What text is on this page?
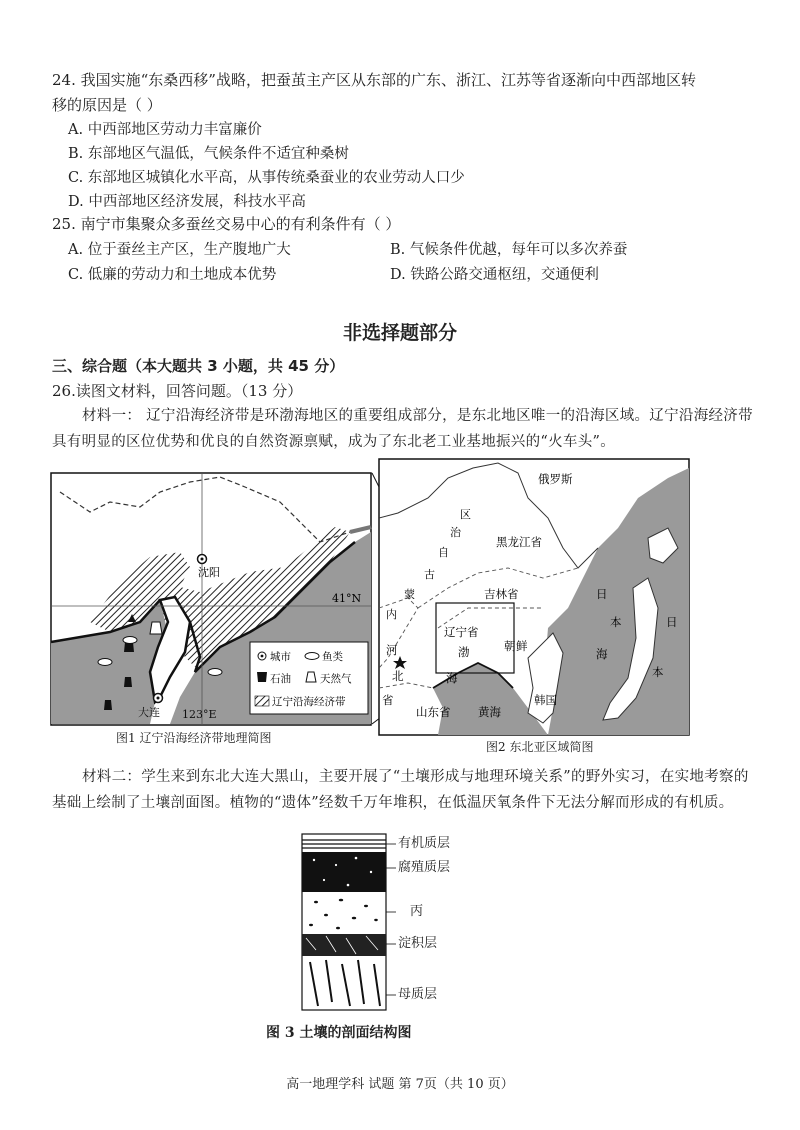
24. 我国实施“东桑西移”战略，把蚕茧主产区从东部的广东、浙江、江苏等省逐渐向中西部地区转
移的原因是（ ）
A. 中西部地区劳动力丰富廉价
B. 东部地区气温低，气候条件不适宜种桑树
C. 东部地区城镇化水平高，从事传统桑蚕业的农业劳动人口少
D. 中西部地区经济发展，科技水平高
25. 南宁市集聚众多蚕丝交易中心的有利条件有（ ）
A. 位于蚕丝主产区，生产腹地广大	B. 气候条件优越，每年可以多次养蚕
C. 低廉的劳动力和土地成本优势	D. 铁路公路交通枢纽，交通便利
非选择题部分
三、综合题（本大题共 3 小题，共 45 分）
26.读图文材料，回答问题。（13 分）
材料一： 辽宁沿海经济带是环渤海地区的重要组成部分，是东北地区唯一的沿海区域。辽宁沿海经济带具有明显的区位优势和优良的自然资源禀赋，成为了东北老工业基地振兴的“火车头”。
41°N
123°E
沈阳
大连
城市	鱼类
石油	天然气
辽宁沿海经济带
图1 辽宁沿海经济带地理简图
俄罗斯
黑龙江省
吉林省
辽宁省
区
治
自
古
蒙
内
河
北
省
渤
海
山东省 黄海
朝 鲜
韩国
日
本
海
日
本
图2 东北亚区域简图
材料二：学生来到东北大连大黑山，主要开展了“土壤形成与地理环境关系”的野外实习，在实地考察的基础上绘制了土壤剖面图。植物的“遗体”经数千万年堆积，在低温厌氧条件下无法分解而形成的有机质。
有机质层
腐殖质层
丙
淀积层
母质层
图 3 土壤的剖面结构图
高一地理学科 试题 第 7页（共 10 页）
